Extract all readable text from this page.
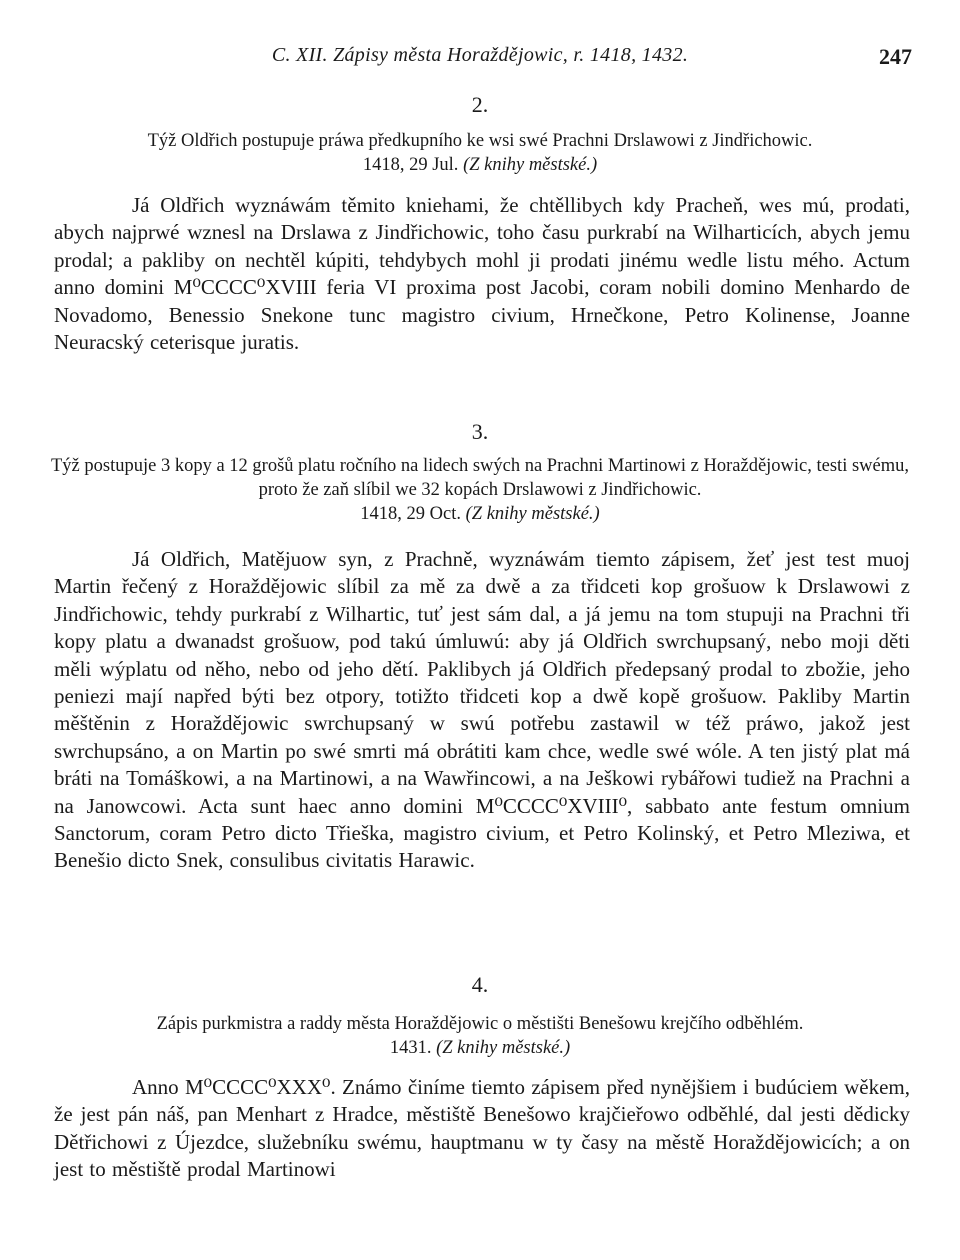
C. XII. Zápisy města Horaždějowic, r. 1418, 1432.	247
2.
Týž Oldřich postupuje práwa předkupního ke wsi swé Prachni Drslawowi z Jindřichowic.
1418, 29 Jul. (Z knihy městské.)

Já Oldřich wyznáwám těmito kniehami, že chtěllibych kdy Pracheň, wes mú, prodati, abych najprwé wznesl na Drslawa z Jindřichowic, toho času purkrabí na Wilharticích, abych jemu prodal; a pakliby on nechtěl kúpiti, tehdybych mohl ji prodati jinému wedle listu mého. Actum anno domini M⁰CCCC⁰XVIII feria VI proxima post Jacobi, coram nobili domino Menhardo de Novadomo, Benessio Snekone tunc magistro civium, Hrnečkone, Petro Kolinense, Joanne Neuracský ceterisque juratis.

3.
Týž postupuje 3 kopy a 12 grošů platu ročního na lidech swých na Prachni Martinowi z Horaždějowic, testi swému, proto že zaň slíbil we 32 kopách Drslawowi z Jindřichowic.
1418, 29 Oct. (Z knihy městské.)

Já Oldřich, Matějuow syn, z Prachně, wyznáwám tiemto zápisem, žeť jest test muoj Martin řečený z Horaždějowic slíbil za mě za dwě a za třidceti kop grošuow k Drslawowi z Jindřichowic, tehdy purkrabí z Wilhartic, tuť jest sám dal, a já jemu na tom stupuji na Prachni tři kopy platu a dwanadst grošuow, pod takú úmluwú: aby já Oldřich swrchupsaný, nebo moji děti měli wýplatu od něho, nebo od jeho dětí. Paklibych já Oldřich předepsaný prodal to zbožie, jeho peniezi mají napřed býti bez otpory, totižto třidceti kop a dwě kopě grošuow. Pakliby Martin měštěnin z Horaždějowic swrchupsaný w swú potřebu zastawil w též práwo, jakož jest swrchupsáno, a on Martin po swé smrti má obrátiti kam chce, wedle swé wóle. A ten jistý plat má bráti na Tomáškowi, a na Martinowi, a na Wawřincowi, a na Ješkowi rybářowi tudiež na Prachni a na Janowcowi. Acta sunt haec anno domini M⁰CCCC⁰XVIII⁰, sabbato ante festum omnium Sanctorum, coram Petro dicto Třieška, magistro civium, et Petro Kolinský, et Petro Mleziwa, et Benešio dicto Snek, consulibus civitatis Harawic.

4.
Zápis purkmistra a raddy města Horaždějowic o městišti Benešowu krejčího odběhlém.
1431. (Z knihy městské.)

Anno M⁰CCCC⁰XXX⁰. Známo činíme tiemto zápisem před nynějšiem i budúciem wěkem, že jest pán náš, pan Menhart z Hradce, městiště Benešowo krajčieřowo odběhlé, dal jesti dědicky Dětřichowi z Újezdce, služebníku swému, hauptmanu w ty časy na městě Horaždějowicích; a on jest to městiště prodal Martinowi
